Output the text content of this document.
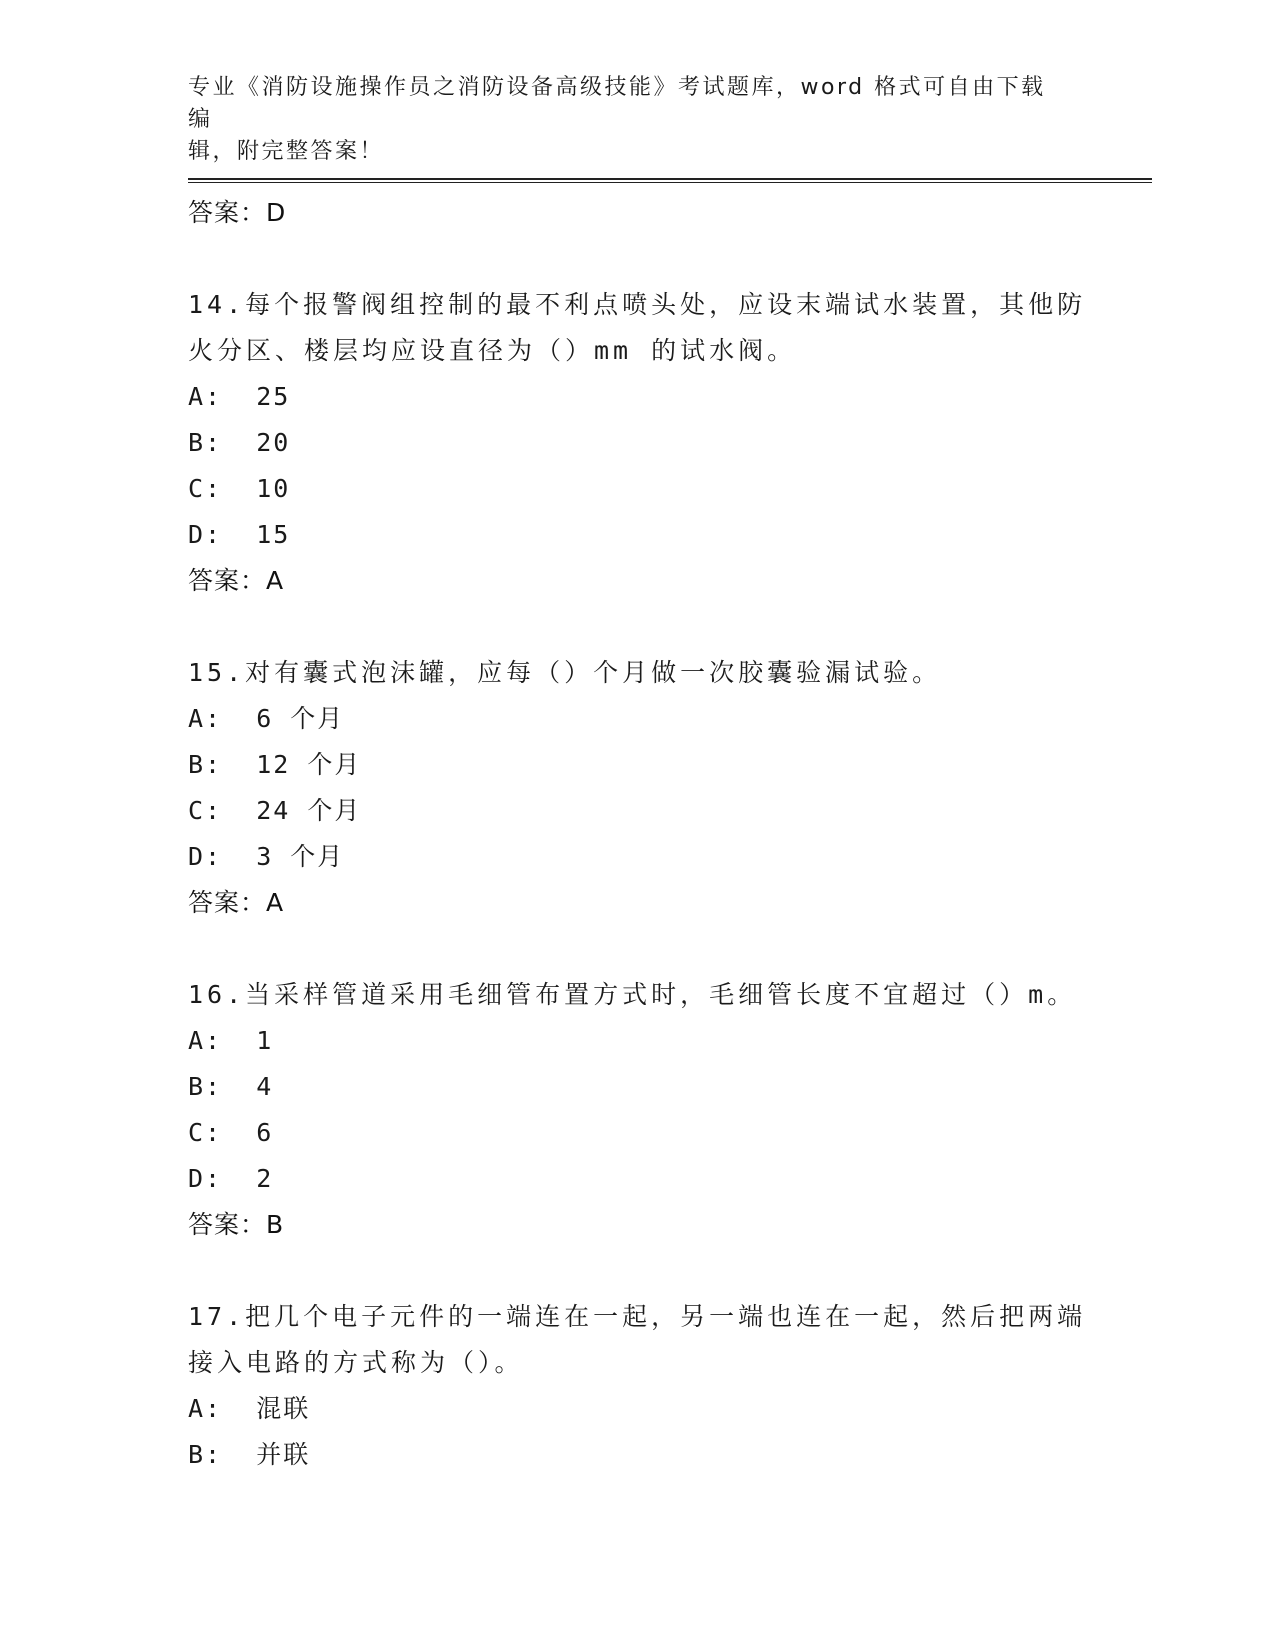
专业《消防设施操作员之消防设备高级技能》考试题库，word 格式可自由下载编
辑，附完整答案！
答案：D
14.每个报警阀组控制的最不利点喷头处，应设末端试水装置，其他防
火分区、楼层均应设直径为（）mm 的试水阀。
A:  25
B:  20
C:  10
D:  15
答案：A
15.对有囊式泡沫罐，应每（）个月做一次胶囊验漏试验。
A:  6 个月
B:  12 个月
C:  24 个月
D:  3 个月
答案：A
16.当采样管道采用毛细管布置方式时，毛细管长度不宜超过（）m。
A:  1
B:  4
C:  6
D:  2
答案：B
17.把几个电子元件的一端连在一起，另一端也连在一起，然后把两端
接入电路的方式称为（）。
A:  混联
B:  并联
